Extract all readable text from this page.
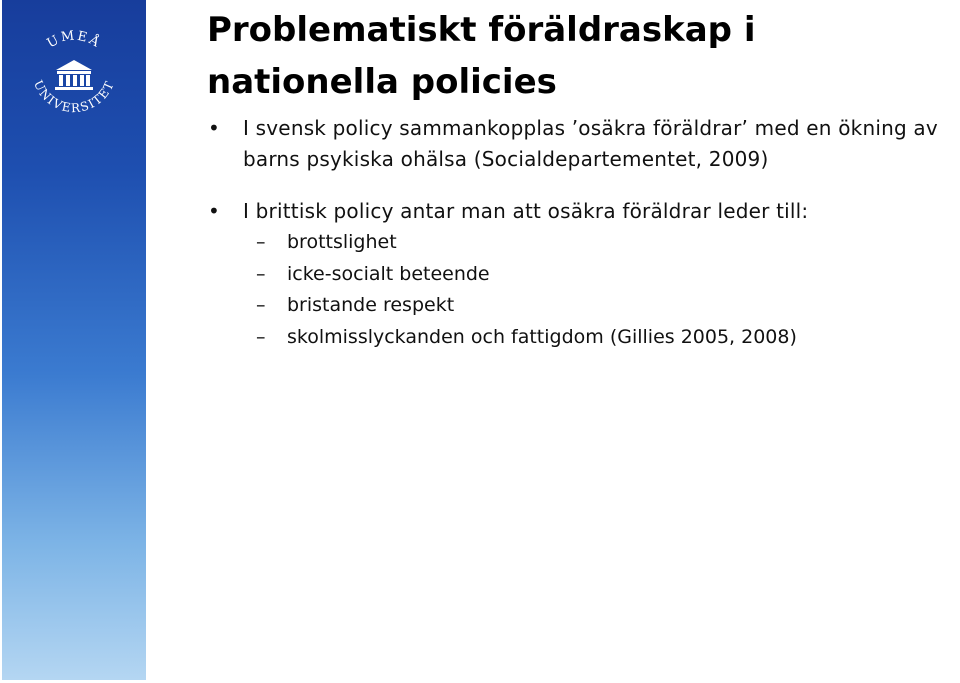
UMEÅ
UNIVERSITET
Problematiskt föräldraskap i nationella policies
• I svensk policy sammankopplas ’osäkra föräldrar’ med en ökning av barns psykiska ohälsa (Socialdepartementet, 2009)
• I brittisk policy antar man att osäkra föräldrar leder till:
– brottslighet
– icke-socialt beteende
– bristande respekt
– skolmisslyckanden och fattigdom (Gillies 2005, 2008)
